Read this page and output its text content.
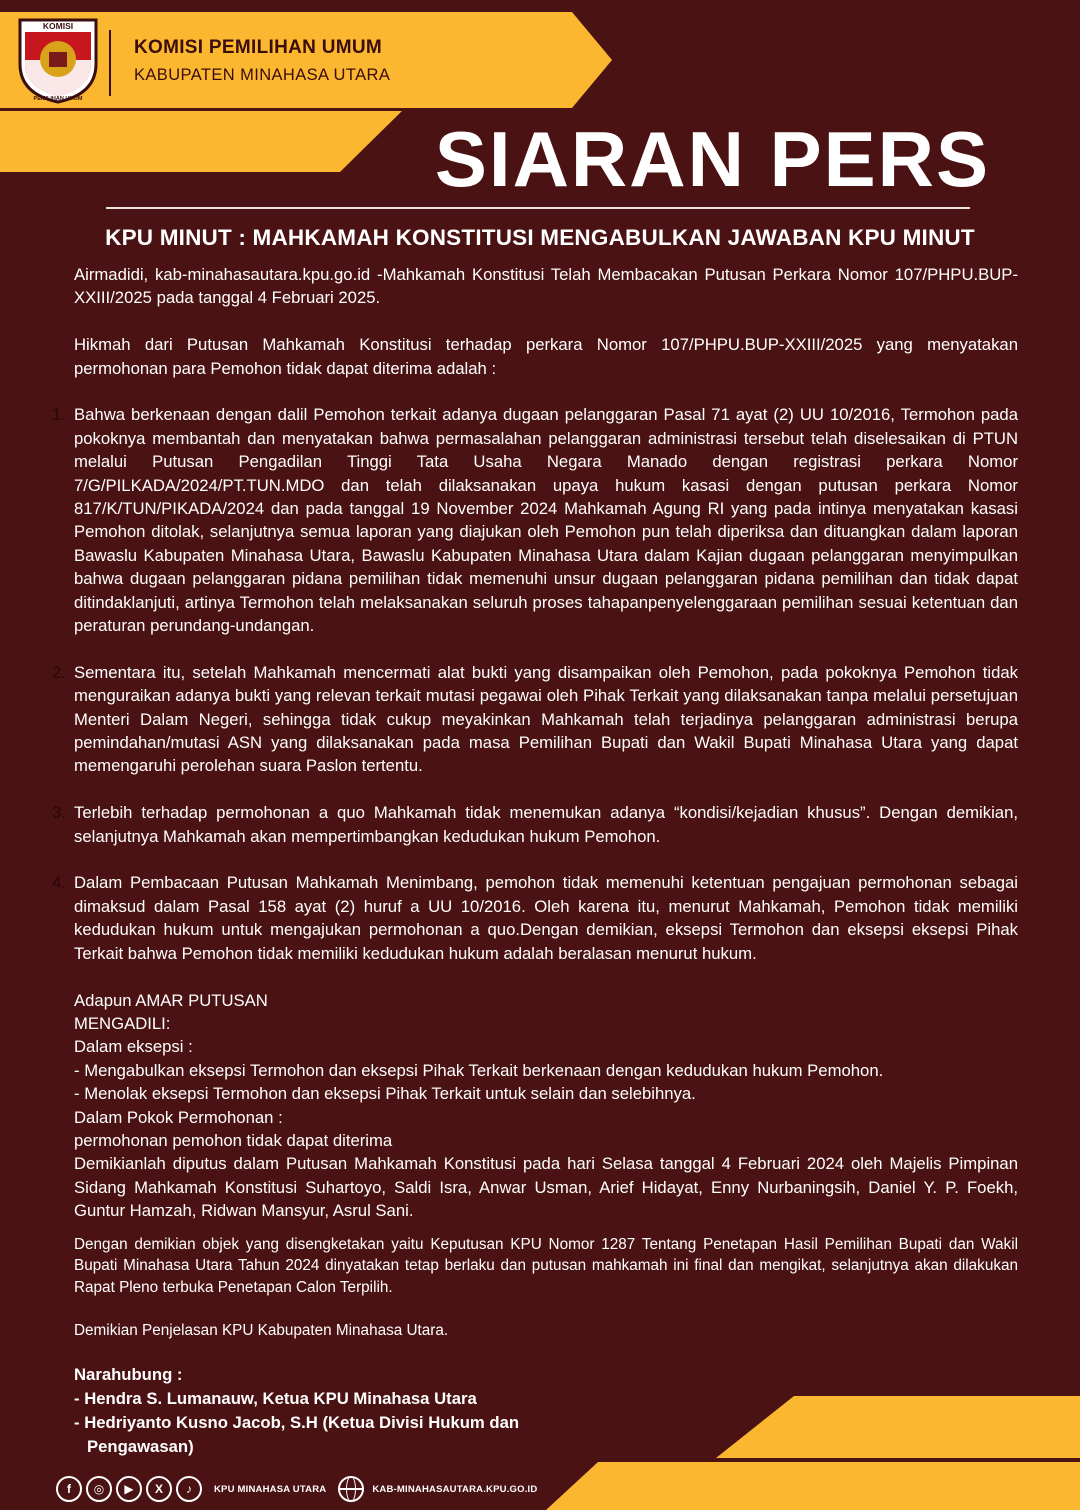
KOMISI
PEMILIHAN UMUM
KOMISI PEMILIHAN UMUM
KABUPATEN MINAHASA UTARA
SIARAN PERS
KPU MINUT : MAHKAMAH KONSTITUSI MENGABULKAN JAWABAN KPU MINUT

Airmadidi, kab-minahasautara.kpu.go.id -Mahkamah Konstitusi Telah Membacakan Putusan Perkara Nomor 107/PHPU.BUP-XXIII/2025 pada tanggal 4 Februari 2025.

Hikmah dari Putusan Mahkamah Konstitusi terhadap perkara Nomor 107/PHPU.BUP-XXIII/2025 yang menyatakan permohonan para Pemohon tidak dapat diterima adalah :

1. Bahwa berkenaan dengan dalil Pemohon terkait adanya dugaan pelanggaran Pasal 71 ayat (2) UU 10/2016, Termohon pada pokoknya membantah dan menyatakan bahwa permasalahan pelanggaran administrasi tersebut telah diselesaikan di PTUN melalui Putusan Pengadilan Tinggi Tata Usaha Negara Manado dengan registrasi perkara Nomor 7/G/PILKADA/2024/PT.TUN.MDO dan telah dilaksanakan upaya hukum kasasi dengan putusan perkara Nomor 817/K/TUN/PIKADA/2024 dan pada tanggal 19 November 2024 Mahkamah Agung RI yang pada intinya menyatakan kasasi Pemohon ditolak, selanjutnya semua laporan yang diajukan oleh Pemohon pun telah diperiksa dan dituangkan dalam laporan Bawaslu Kabupaten Minahasa Utara, Bawaslu Kabupaten Minahasa Utara dalam Kajian dugaan pelanggaran menyimpulkan bahwa dugaan pelanggaran pidana pemilihan tidak memenuhi unsur dugaan pelanggaran pidana pemilihan dan tidak dapat ditindaklanjuti, artinya Termohon telah melaksanakan seluruh proses tahapanpenyelenggaraan pemilihan sesuai ketentuan dan peraturan perundang-undangan.
2. Sementara itu, setelah Mahkamah mencermati alat bukti yang disampaikan oleh Pemohon, pada pokoknya Pemohon tidak menguraikan adanya bukti yang relevan terkait mutasi pegawai oleh Pihak Terkait yang dilaksanakan tanpa melalui persetujuan Menteri Dalam Negeri, sehingga tidak cukup meyakinkan Mahkamah telah terjadinya pelanggaran administrasi berupa pemindahan/mutasi ASN yang dilaksanakan pada masa Pemilihan Bupati dan Wakil Bupati Minahasa Utara yang dapat memengaruhi perolehan suara Paslon tertentu.
3. Terlebih terhadap permohonan a quo Mahkamah tidak menemukan adanya “kondisi/kejadian khusus”. Dengan demikian, selanjutnya Mahkamah akan mempertimbangkan kedudukan hukum Pemohon.
4. Dalam Pembacaan Putusan Mahkamah Menimbang, pemohon tidak memenuhi ketentuan pengajuan permohonan sebagai dimaksud dalam Pasal 158 ayat (2) huruf a UU 10/2016. Oleh karena itu, menurut Mahkamah, Pemohon tidak memiliki kedudukan hukum untuk mengajukan permohonan a quo.Dengan demikian, eksepsi Termohon dan eksepsi eksepsi Pihak Terkait bahwa Pemohon tidak memiliki kedudukan hukum adalah beralasan menurut hukum.
Adapun AMAR PUTUSAN
MENGADILI:
Dalam eksepsi :
- Mengabulkan eksepsi Termohon dan eksepsi Pihak Terkait berkenaan dengan kedudukan hukum Pemohon.
- Menolak eksepsi Termohon dan eksepsi Pihak Terkait untuk selain dan selebihnya.
Dalam Pokok Permohonan :
permohonan pemohon tidak dapat diterima
Demikianlah diputus dalam Putusan Mahkamah Konstitusi pada hari Selasa tanggal 4 Februari 2024 oleh Majelis Pimpinan Sidang Mahkamah Konstitusi Suhartoyo, Saldi Isra, Anwar Usman, Arief Hidayat, Enny Nurbaningsih, Daniel Y. P. Foekh, Guntur Hamzah, Ridwan Mansyur, Asrul Sani.

Dengan demikian objek yang disengketakan yaitu Keputusan KPU Nomor 1287 Tentang Penetapan Hasil Pemilihan Bupati dan Wakil Bupati Minahasa Utara Tahun 2024 dinyatakan tetap berlaku dan putusan mahkamah ini final dan mengikat, selanjutnya akan dilakukan Rapat Pleno terbuka Penetapan Calon Terpilih.

Demikian Penjelasan KPU Kabupaten Minahasa Utara.

Narahubung :
- Hendra S. Lumanauw, Ketua KPU Minahasa Utara
- Hedriyanto Kusno Jacob, S.H (Ketua Divisi Hukum dan
Pengawasan)
f	◎	▶	X	♪	KPU MINAHASA UTARA	KAB-MINAHASAUTARA.KPU.GO.ID
